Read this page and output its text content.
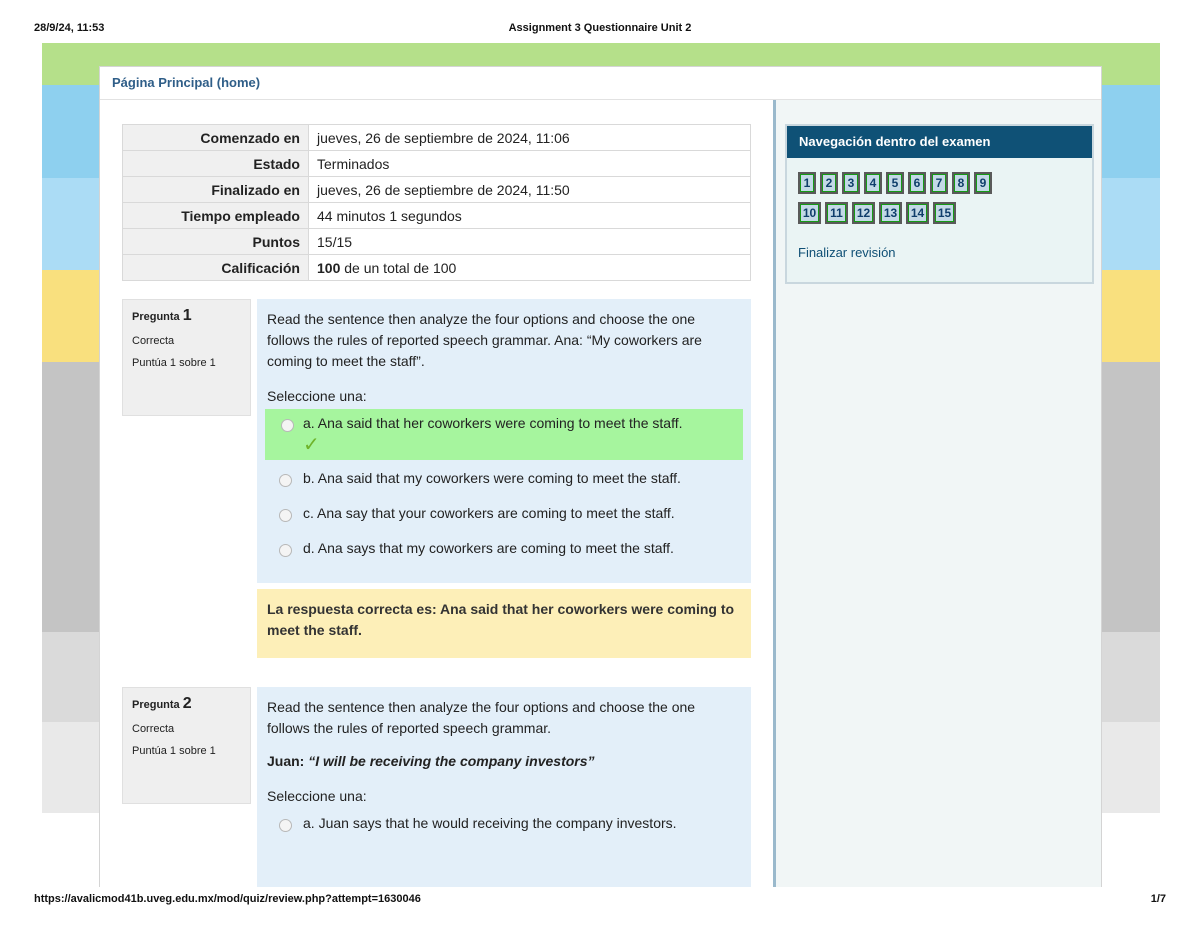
28/9/24, 11:53	Assignment 3 Questionnaire Unit 2
Página Principal (home)
Comenzado en	jueves, 26 de septiembre de 2024, 11:06
Estado	Terminados
Finalizado en	jueves, 26 de septiembre de 2024, 11:50
Tiempo empleado	44 minutos 1 segundos
Puntos	15/15
Calificación	100 de un total de 100
Pregunta 1
Correcta
Puntúa 1 sobre 1
Read the sentence then analyze the four options and choose the one follows the rules of reported speech grammar. Ana: “My coworkers are coming to meet the staff”.
Seleccione una:
a. Ana said that her coworkers were coming to meet the staff.
✓
b. Ana said that my coworkers were coming to meet the staff.
c. Ana say that your coworkers are coming to meet the staff.
d. Ana says that my coworkers are coming to meet the staff.
La respuesta correcta es: Ana said that her coworkers were coming to meet the staff.
Pregunta 2
Correcta
Puntúa 1 sobre 1
Read the sentence then analyze the four options and choose the one follows the rules of reported speech grammar.
Juan: “I will be receiving the company investors”
Seleccione una:
a. Juan says that he would receiving the company investors.
Navegación dentro del examen
1 2 3 4 5 6 7 8 9
10 11 12 13 14 15
Finalizar revisión
https://avalicmod41b.uveg.edu.mx/mod/quiz/review.php?attempt=1630046	1/7
